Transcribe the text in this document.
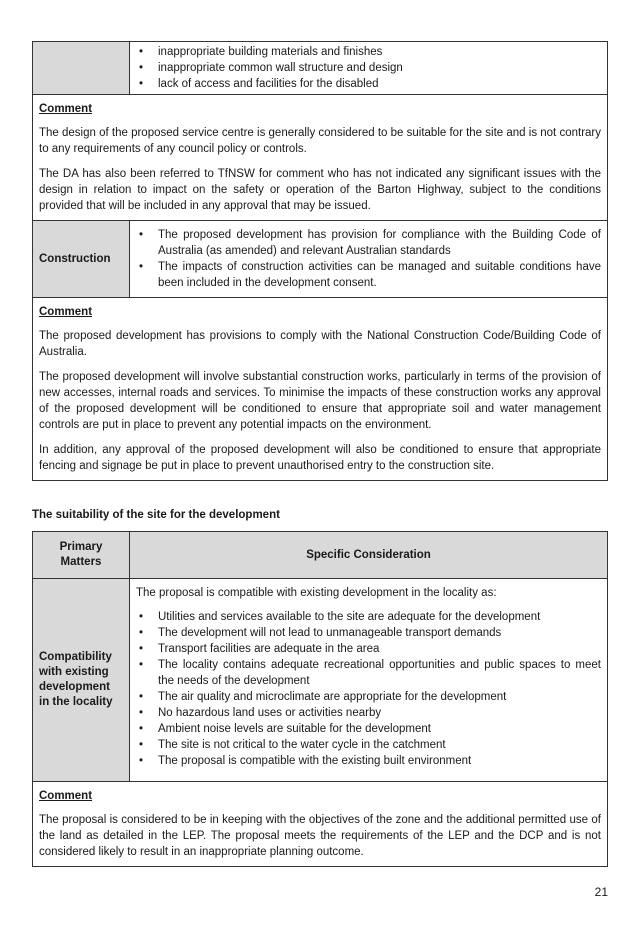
• inappropriate building materials and finishes
• inappropriate common wall structure and design
• lack of access and facilities for the disabled
Comment
The design of the proposed service centre is generally considered to be suitable for the site and is not contrary to any requirements of any council policy or controls.
The DA has also been referred to TfNSW for comment who has not indicated any significant issues with the design in relation to impact on the safety or operation of the Barton Highway, subject to the conditions provided that will be included in any approval that may be issued.
Construction
• The proposed development has provision for compliance with the Building Code of Australia (as amended) and relevant Australian standards
• The impacts of construction activities can be managed and suitable conditions have been included in the development consent.
Comment
The proposed development has provisions to comply with the National Construction Code/Building Code of Australia.
The proposed development will involve substantial construction works, particularly in terms of the provision of new accesses, internal roads and services. To minimise the impacts of these construction works any approval of the proposed development will be conditioned to ensure that appropriate soil and water management controls are put in place to prevent any potential impacts on the environment.
In addition, any approval of the proposed development will also be conditioned to ensure that appropriate fencing and signage be put in place to prevent unauthorised entry to the construction site.
The suitability of the site for the development
Primary Matters
Specific Consideration
Compatibility with existing development in the locality
The proposal is compatible with existing development in the locality as:
• Utilities and services available to the site are adequate for the development
• The development will not lead to unmanageable transport demands
• Transport facilities are adequate in the area
• The locality contains adequate recreational opportunities and public spaces to meet the needs of the development
• The air quality and microclimate are appropriate for the development
• No hazardous land uses or activities nearby
• Ambient noise levels are suitable for the development
• The site is not critical to the water cycle in the catchment
• The proposal is compatible with the existing built environment
Comment
The proposal is considered to be in keeping with the objectives of the zone and the additional permitted use of the land as detailed in the LEP. The proposal meets the requirements of the LEP and the DCP and is not considered likely to result in an inappropriate planning outcome.
21
